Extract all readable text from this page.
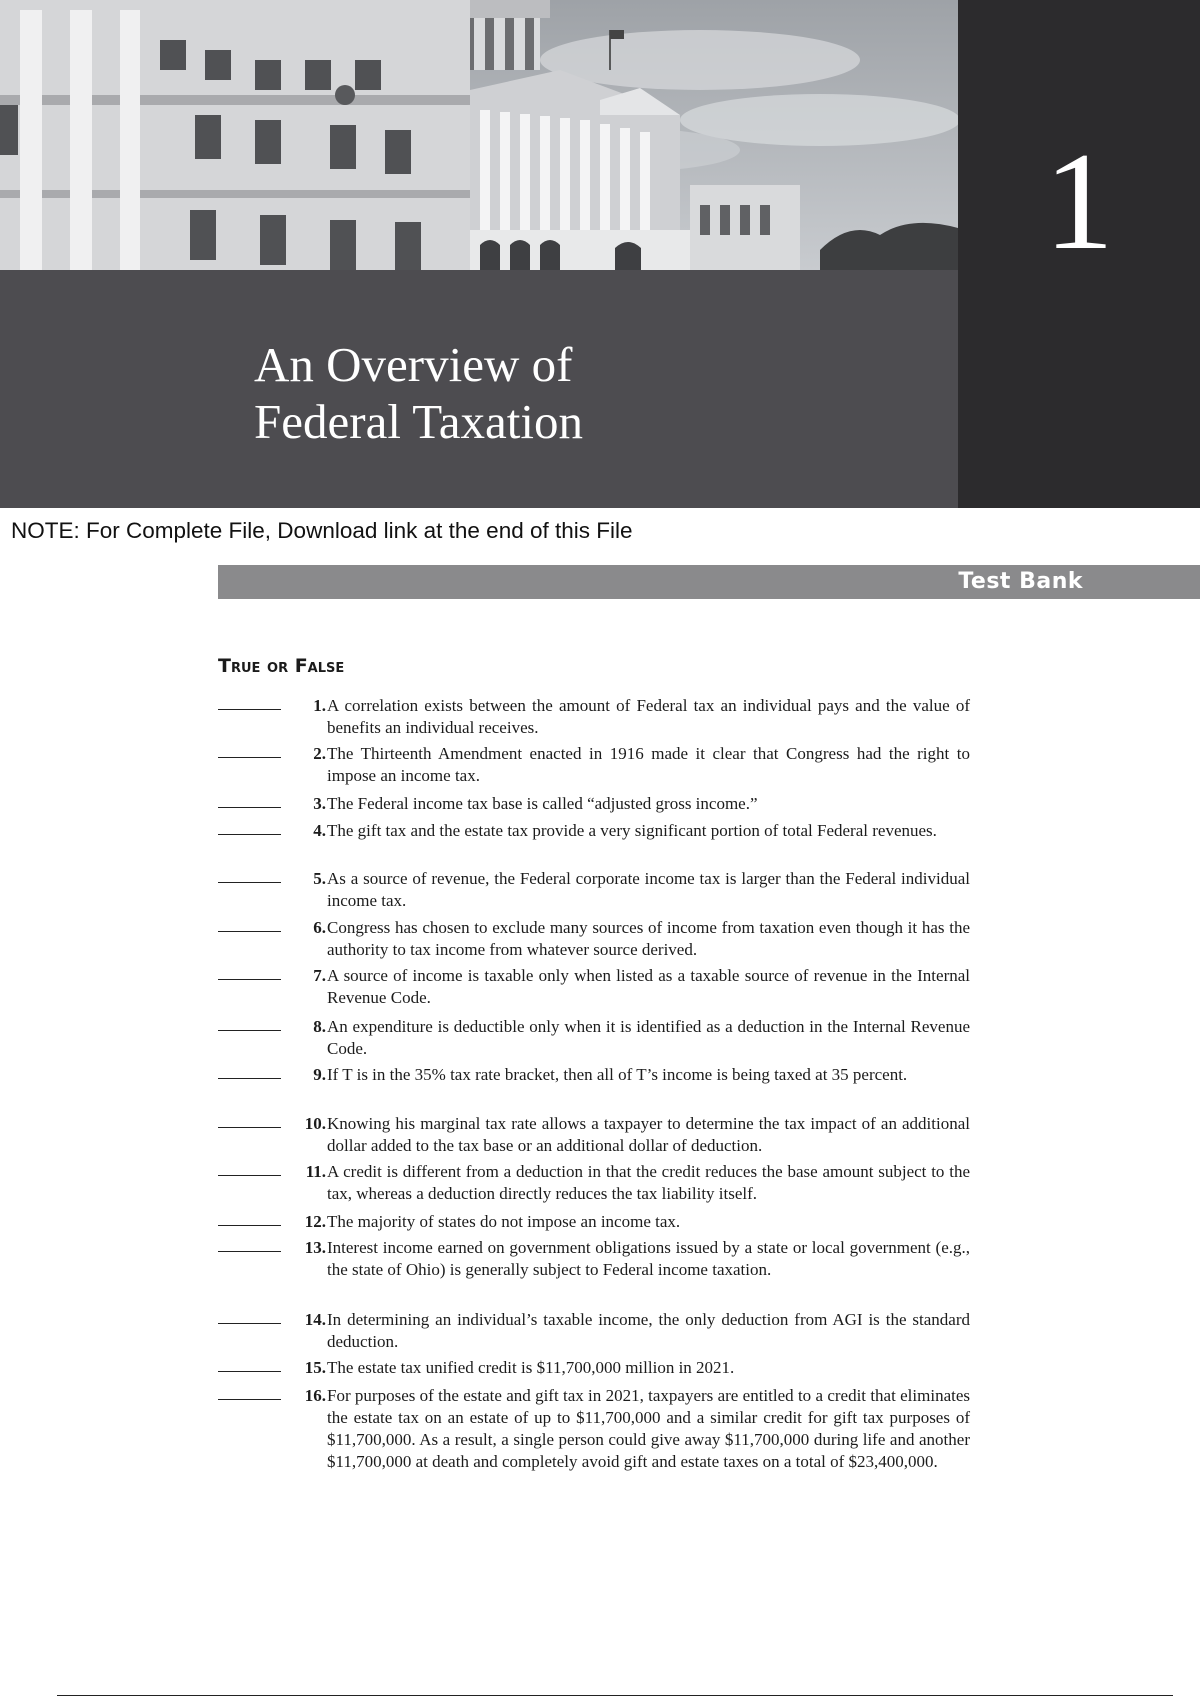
1
An Overview of
Federal Taxation
NOTE: For Complete File, Download link at the end of this File
Test Bank
True or False
1. A correlation exists between the amount of Federal tax an individual pays and the value of benefits an individual receives.
2. The Thirteenth Amendment enacted in 1916 made it clear that Congress had the right to impose an income tax.
3. The Federal income tax base is called “adjusted gross income.”
4. The gift tax and the estate tax provide a very significant portion of total Federal revenues.
5. As a source of revenue, the Federal corporate income tax is larger than the Federal individual income tax.
6. Congress has chosen to exclude many sources of income from taxation even though it has the authority to tax income from whatever source derived.
7. A source of income is taxable only when listed as a taxable source of revenue in the Internal Revenue Code.
8. An expenditure is deductible only when it is identified as a deduction in the Internal Revenue Code.
9. If T is in the 35% tax rate bracket, then all of T’s income is being taxed at 35 percent.
10. Knowing his marginal tax rate allows a taxpayer to determine the tax impact of an additional dollar added to the tax base or an additional dollar of deduction.
11. A credit is different from a deduction in that the credit reduces the base amount subject to the tax, whereas a deduction directly reduces the tax liability itself.
12. The majority of states do not impose an income tax.
13. Interest income earned on government obligations issued by a state or local government (e.g., the state of Ohio) is generally subject to Federal income taxation.
14. In determining an individual’s taxable income, the only deduction from AGI is the standard deduction.
15. The estate tax unified credit is $11,700,000 million in 2021.
16. For purposes of the estate and gift tax in 2021, taxpayers are entitled to a credit that eliminates the estate tax on an estate of up to $11,700,000 and a similar credit for gift tax purposes of $11,700,000. As a result, a single person could give away $11,700,000 during life and another $11,700,000 at death and completely avoid gift and estate taxes on a total of $23,400,000.
